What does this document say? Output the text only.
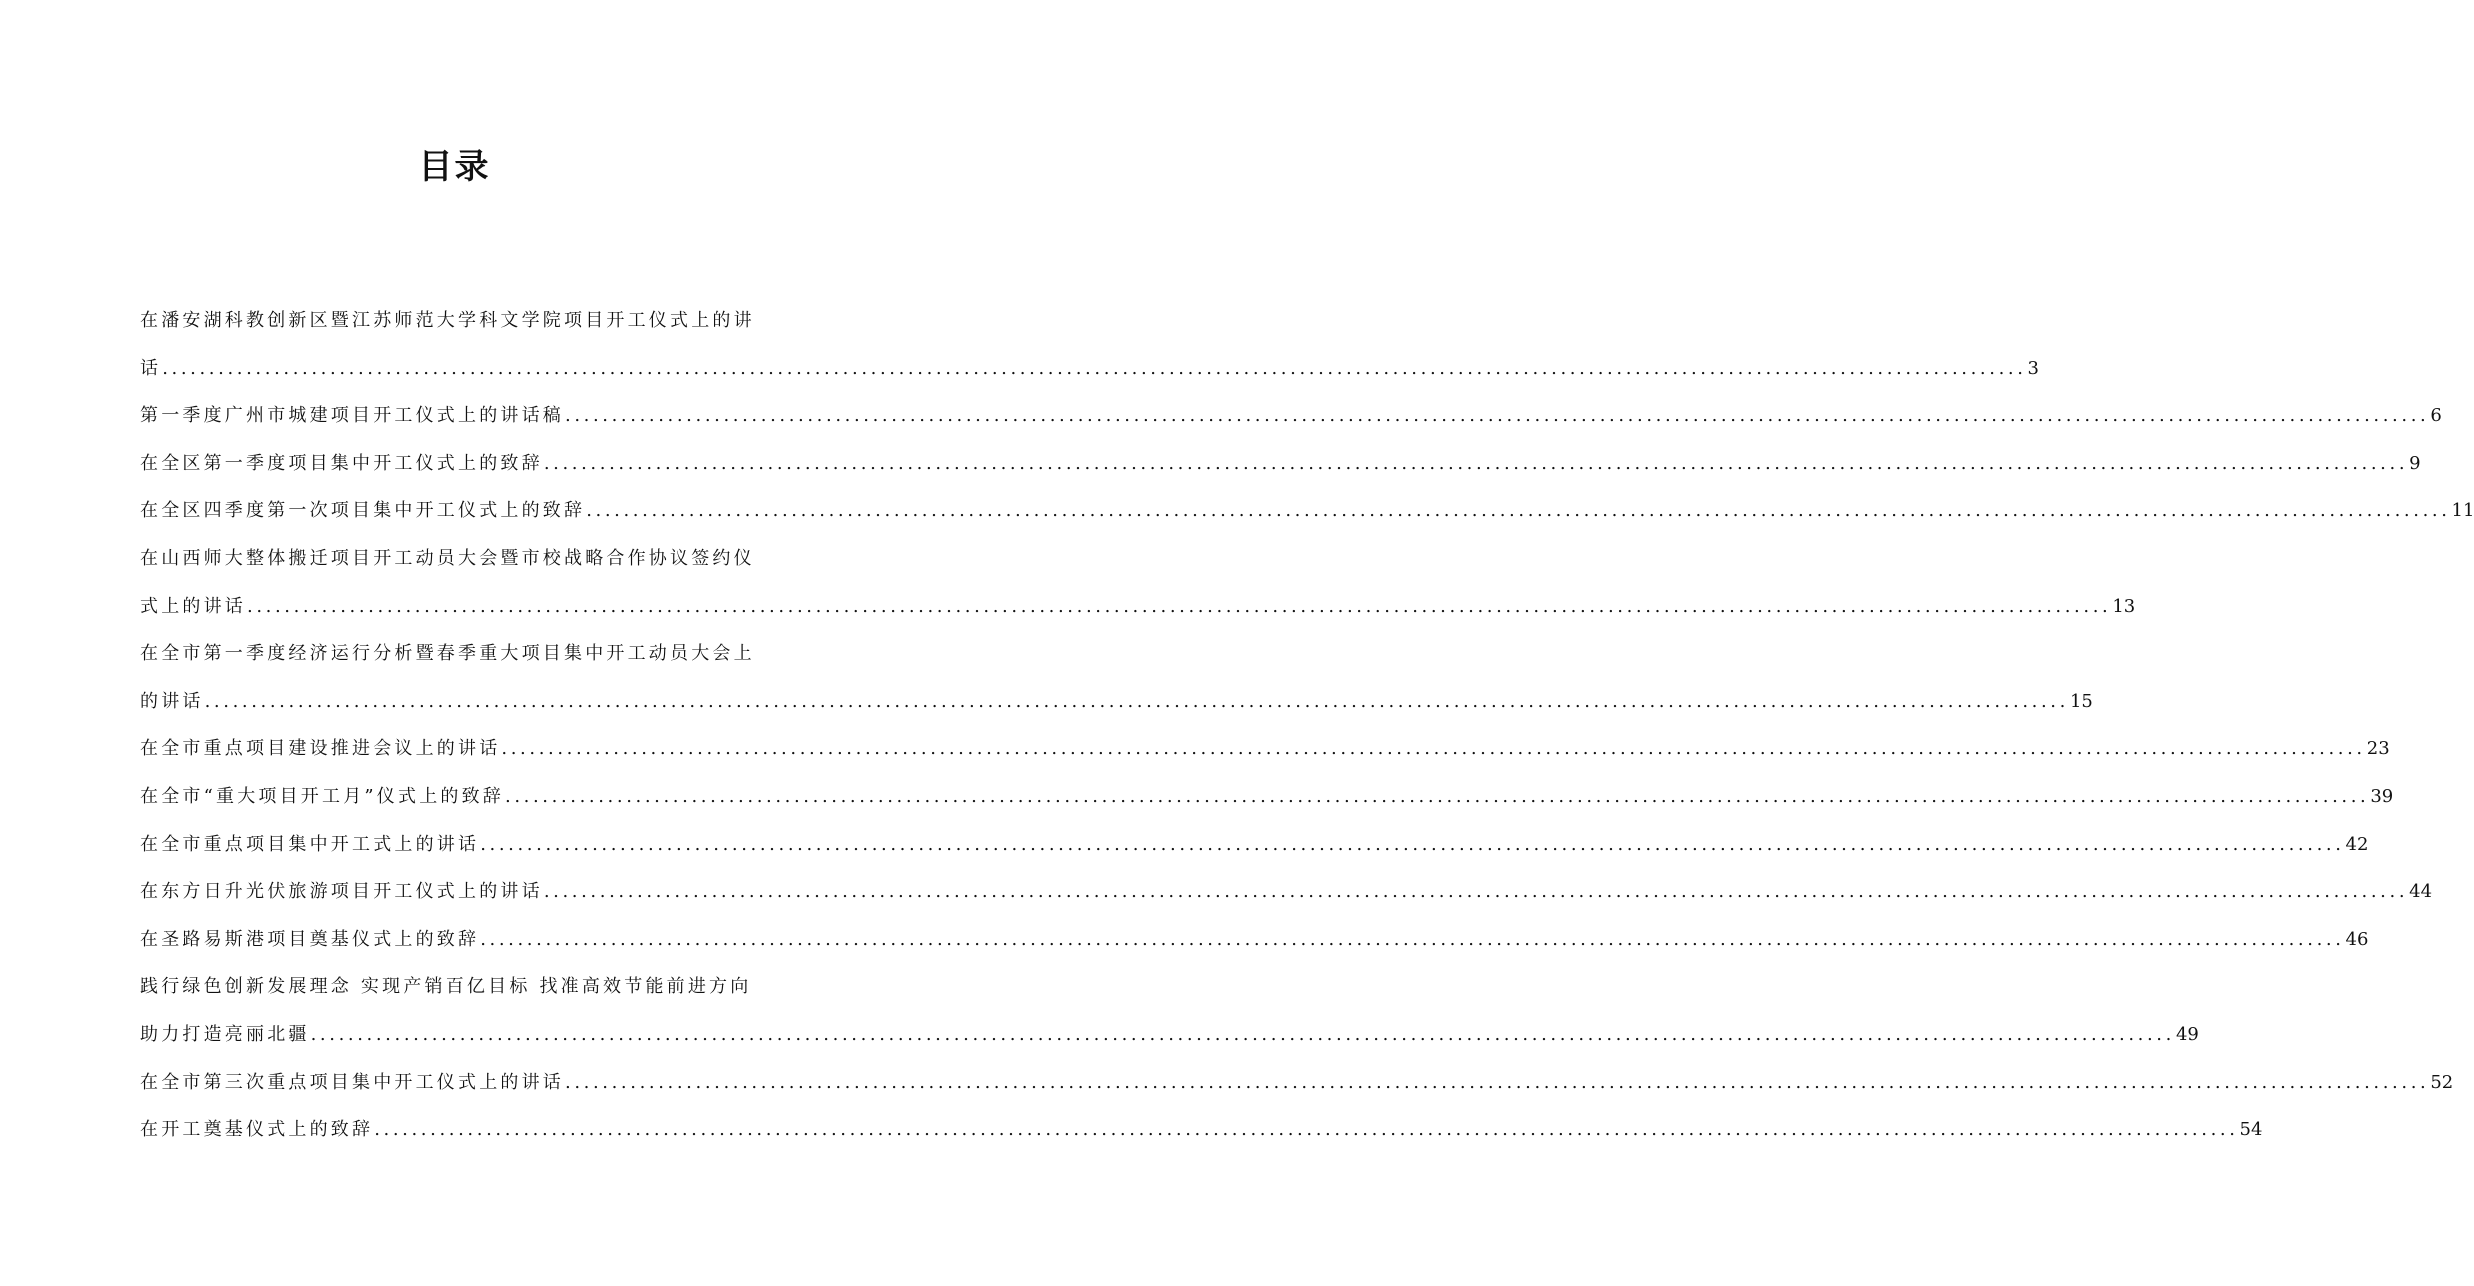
目录
在潘安湖科教创新区暨江苏师范大学科文学院项目开工仪式上的讲
话 ........................................................................................................................................................................................................ 3
第一季度广州市城建项目开工仪式上的讲话稿 ........................................................................................................................................................................................................ 6
在全区第一季度项目集中开工仪式上的致辞 ........................................................................................................................................................................................................ 9
在全区四季度第一次项目集中开工仪式上的致辞 ........................................................................................................................................................................................................ 11
在山西师大整体搬迁项目开工动员大会暨市校战略合作协议签约仪
式上的讲话 ........................................................................................................................................................................................................ 13
在全市第一季度经济运行分析暨春季重大项目集中开工动员大会上
的讲话 ........................................................................................................................................................................................................ 15
在全市重点项目建设推进会议上的讲话 ........................................................................................................................................................................................................ 23
在全市“重大项目开工月”仪式上的致辞 ........................................................................................................................................................................................................ 39
在全市重点项目集中开工式上的讲话 ........................................................................................................................................................................................................ 42
在东方日升光伏旅游项目开工仪式上的讲话 ........................................................................................................................................................................................................ 44
在圣路易斯港项目奠基仪式上的致辞 ........................................................................................................................................................................................................ 46
践行绿色创新发展理念 实现产销百亿目标 找准高效节能前进方向
助力打造亮丽北疆 ........................................................................................................................................................................................................ 49
在全市第三次重点项目集中开工仪式上的讲话 ........................................................................................................................................................................................................ 52
在开工奠基仪式上的致辞 ........................................................................................................................................................................................................ 54
